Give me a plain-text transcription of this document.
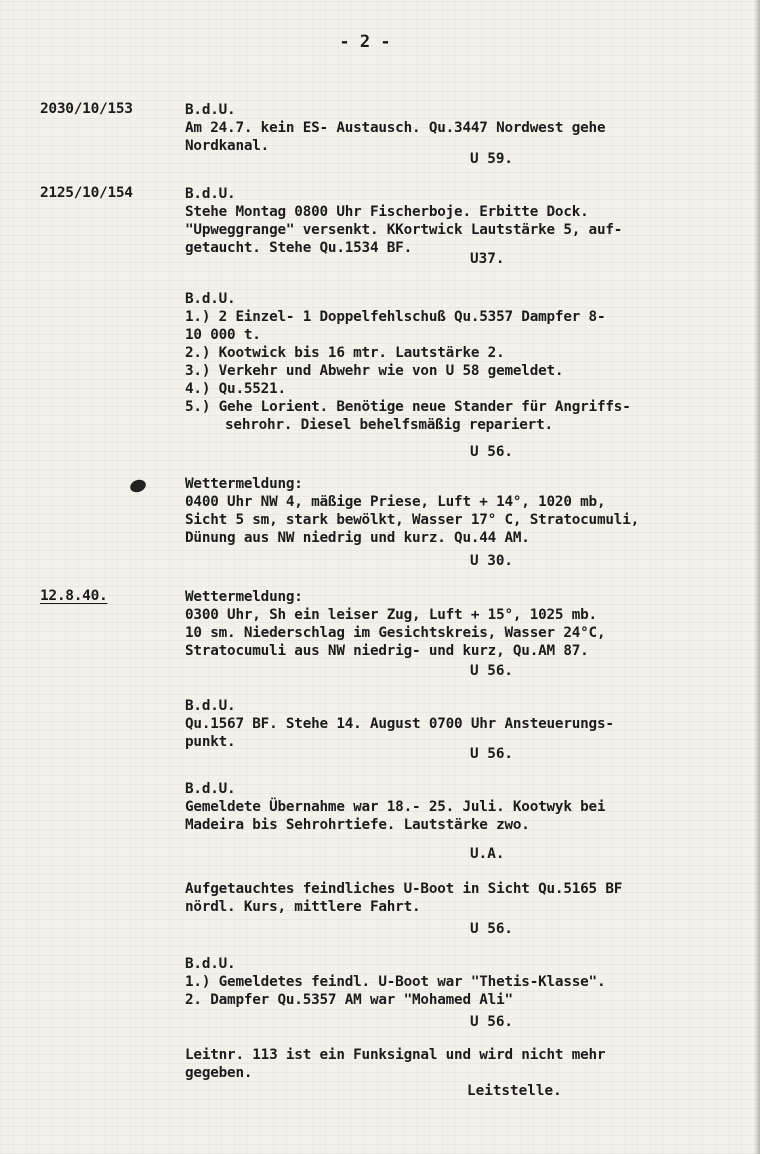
- 2 -
2030/10/153	B.d.U.
Am 24.7. kein ES- Austausch. Qu.3447 Nordwest gehe
Nordkanal.
U 59.
2125/10/154	B.d.U.
Stehe Montag 0800 Uhr Fischerboje. Erbitte Dock.
"Upweggrange" versenkt. KKortwick Lautstärke 5, auf-
getaucht. Stehe Qu.1534 BF.
U37.
B.d.U.
1.) 2 Einzel- 1 Doppelfehlschuß Qu.5357 Dampfer 8-
10 000 t.
2.) Kootwick bis 16 mtr. Lautstärke 2.
3.) Verkehr und Abwehr wie von U 58 gemeldet.
4.) Qu.5521.
5.) Gehe Lorient. Benötige neue Stander für Angriffs-
sehrohr. Diesel behelfsmäßig repariert.
U 56.
Wettermeldung:
0400 Uhr NW 4, mäßige Priese, Luft + 14°, 1020 mb,
Sicht 5 sm, stark bewölkt, Wasser 17° C, Stratocumuli,
Dünung aus NW niedrig und kurz. Qu.44 AM.
U 30.
12.8.40.	Wettermeldung:
0300 Uhr, Sh ein leiser Zug, Luft + 15°, 1025 mb.
10 sm. Niederschlag im Gesichtskreis, Wasser 24°C,
Stratocumuli aus NW niedrig- und kurz, Qu.AM 87.
U 56.
B.d.U.
Qu.1567 BF. Stehe 14. August 0700 Uhr Ansteuerungs-
punkt.
U 56.
B.d.U.
Gemeldete Übernahme war 18.- 25. Juli. Kootwyk bei
Madeira bis Sehrohrtiefe. Lautstärke zwo.
U.A.
Aufgetauchtes feindliches U-Boot in Sicht Qu.5165 BF
nördl. Kurs, mittlere Fahrt.
U 56.
B.d.U.
1.) Gemeldetes feindl. U-Boot war "Thetis-Klasse".
2. Dampfer Qu.5357 AM war "Mohamed Ali"
U 56.
Leitnr. 113 ist ein Funksignal und wird nicht mehr
gegeben.
Leitstelle.
